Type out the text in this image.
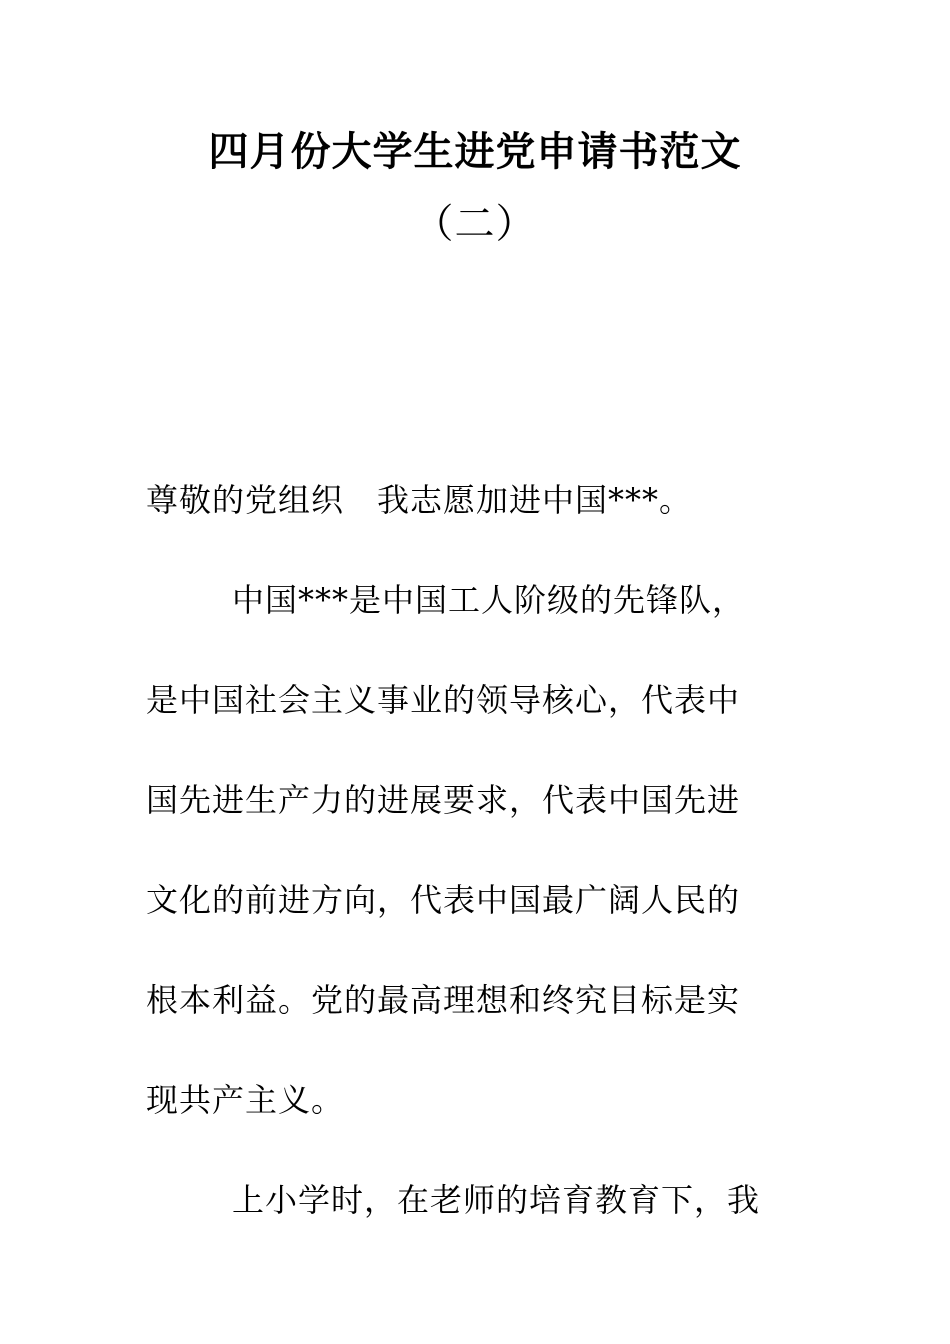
四月份大学生进党申请书范文
（二）

尊敬的党组织　我志愿加进中国***。

中国***是中国工人阶级的先锋队，

是中国社会主义事业的领导核心，代表中

国先进生产力的进展要求，代表中国先进

文化的前进方向，代表中国最广阔人民的

根本利益。党的最高理想和终究目标是实

现共产主义。

上小学时，在老师的培育教育下，我
